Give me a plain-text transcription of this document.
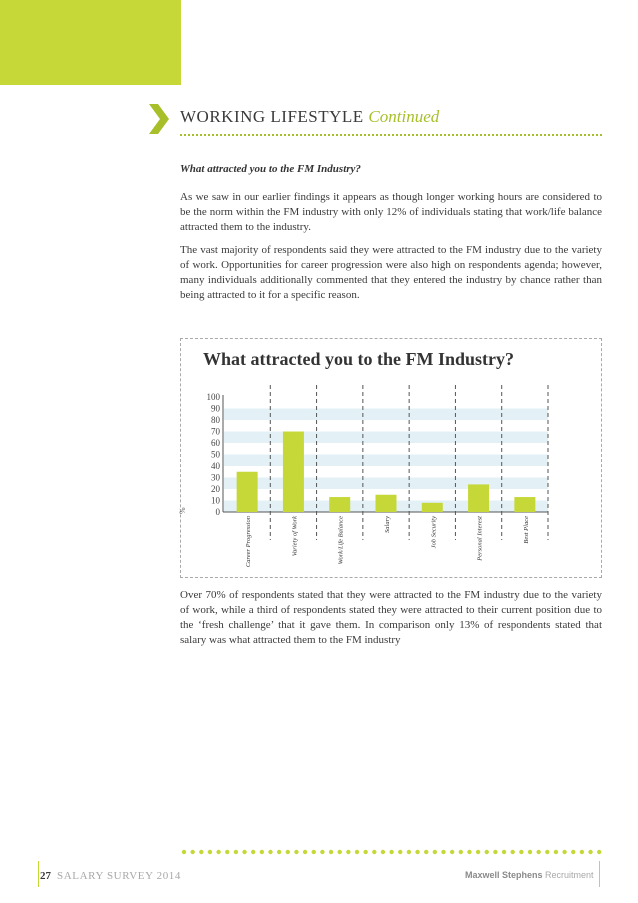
WORKING LIFESTYLE Continued
What attracted you to the FM Industry?

As we saw in our earlier findings it appears as though longer working hours are considered to be the norm within the FM industry with only 12% of individuals stating that work/life balance attracted them to the industry.

The vast majority of respondents said they were attracted to the FM industry due to the variety of work. Opportunities for career progression were also high on respondents agenda; however, many individuals additionally commented that they entered the industry by chance rather than being attracted to it for a specific reason.

What attracted you to the FM Industry?
0
10
20
30
40
50
60
70
80
90
100
%
Career Progression	Variety of Work	Work/Life Balance	Salary	Job Security	Personal Interest	Best Place

Over 70% of respondents stated that they were attracted to the FM industry due to the variety of work, while a third of respondents stated they were attracted to their current position due to the ‘fresh challenge’ that it gave them. In comparison only 13% of respondents stated that salary was what attracted them to the FM industry

27 SALARY SURVEY 2014	Maxwell Stephens Recruitment
